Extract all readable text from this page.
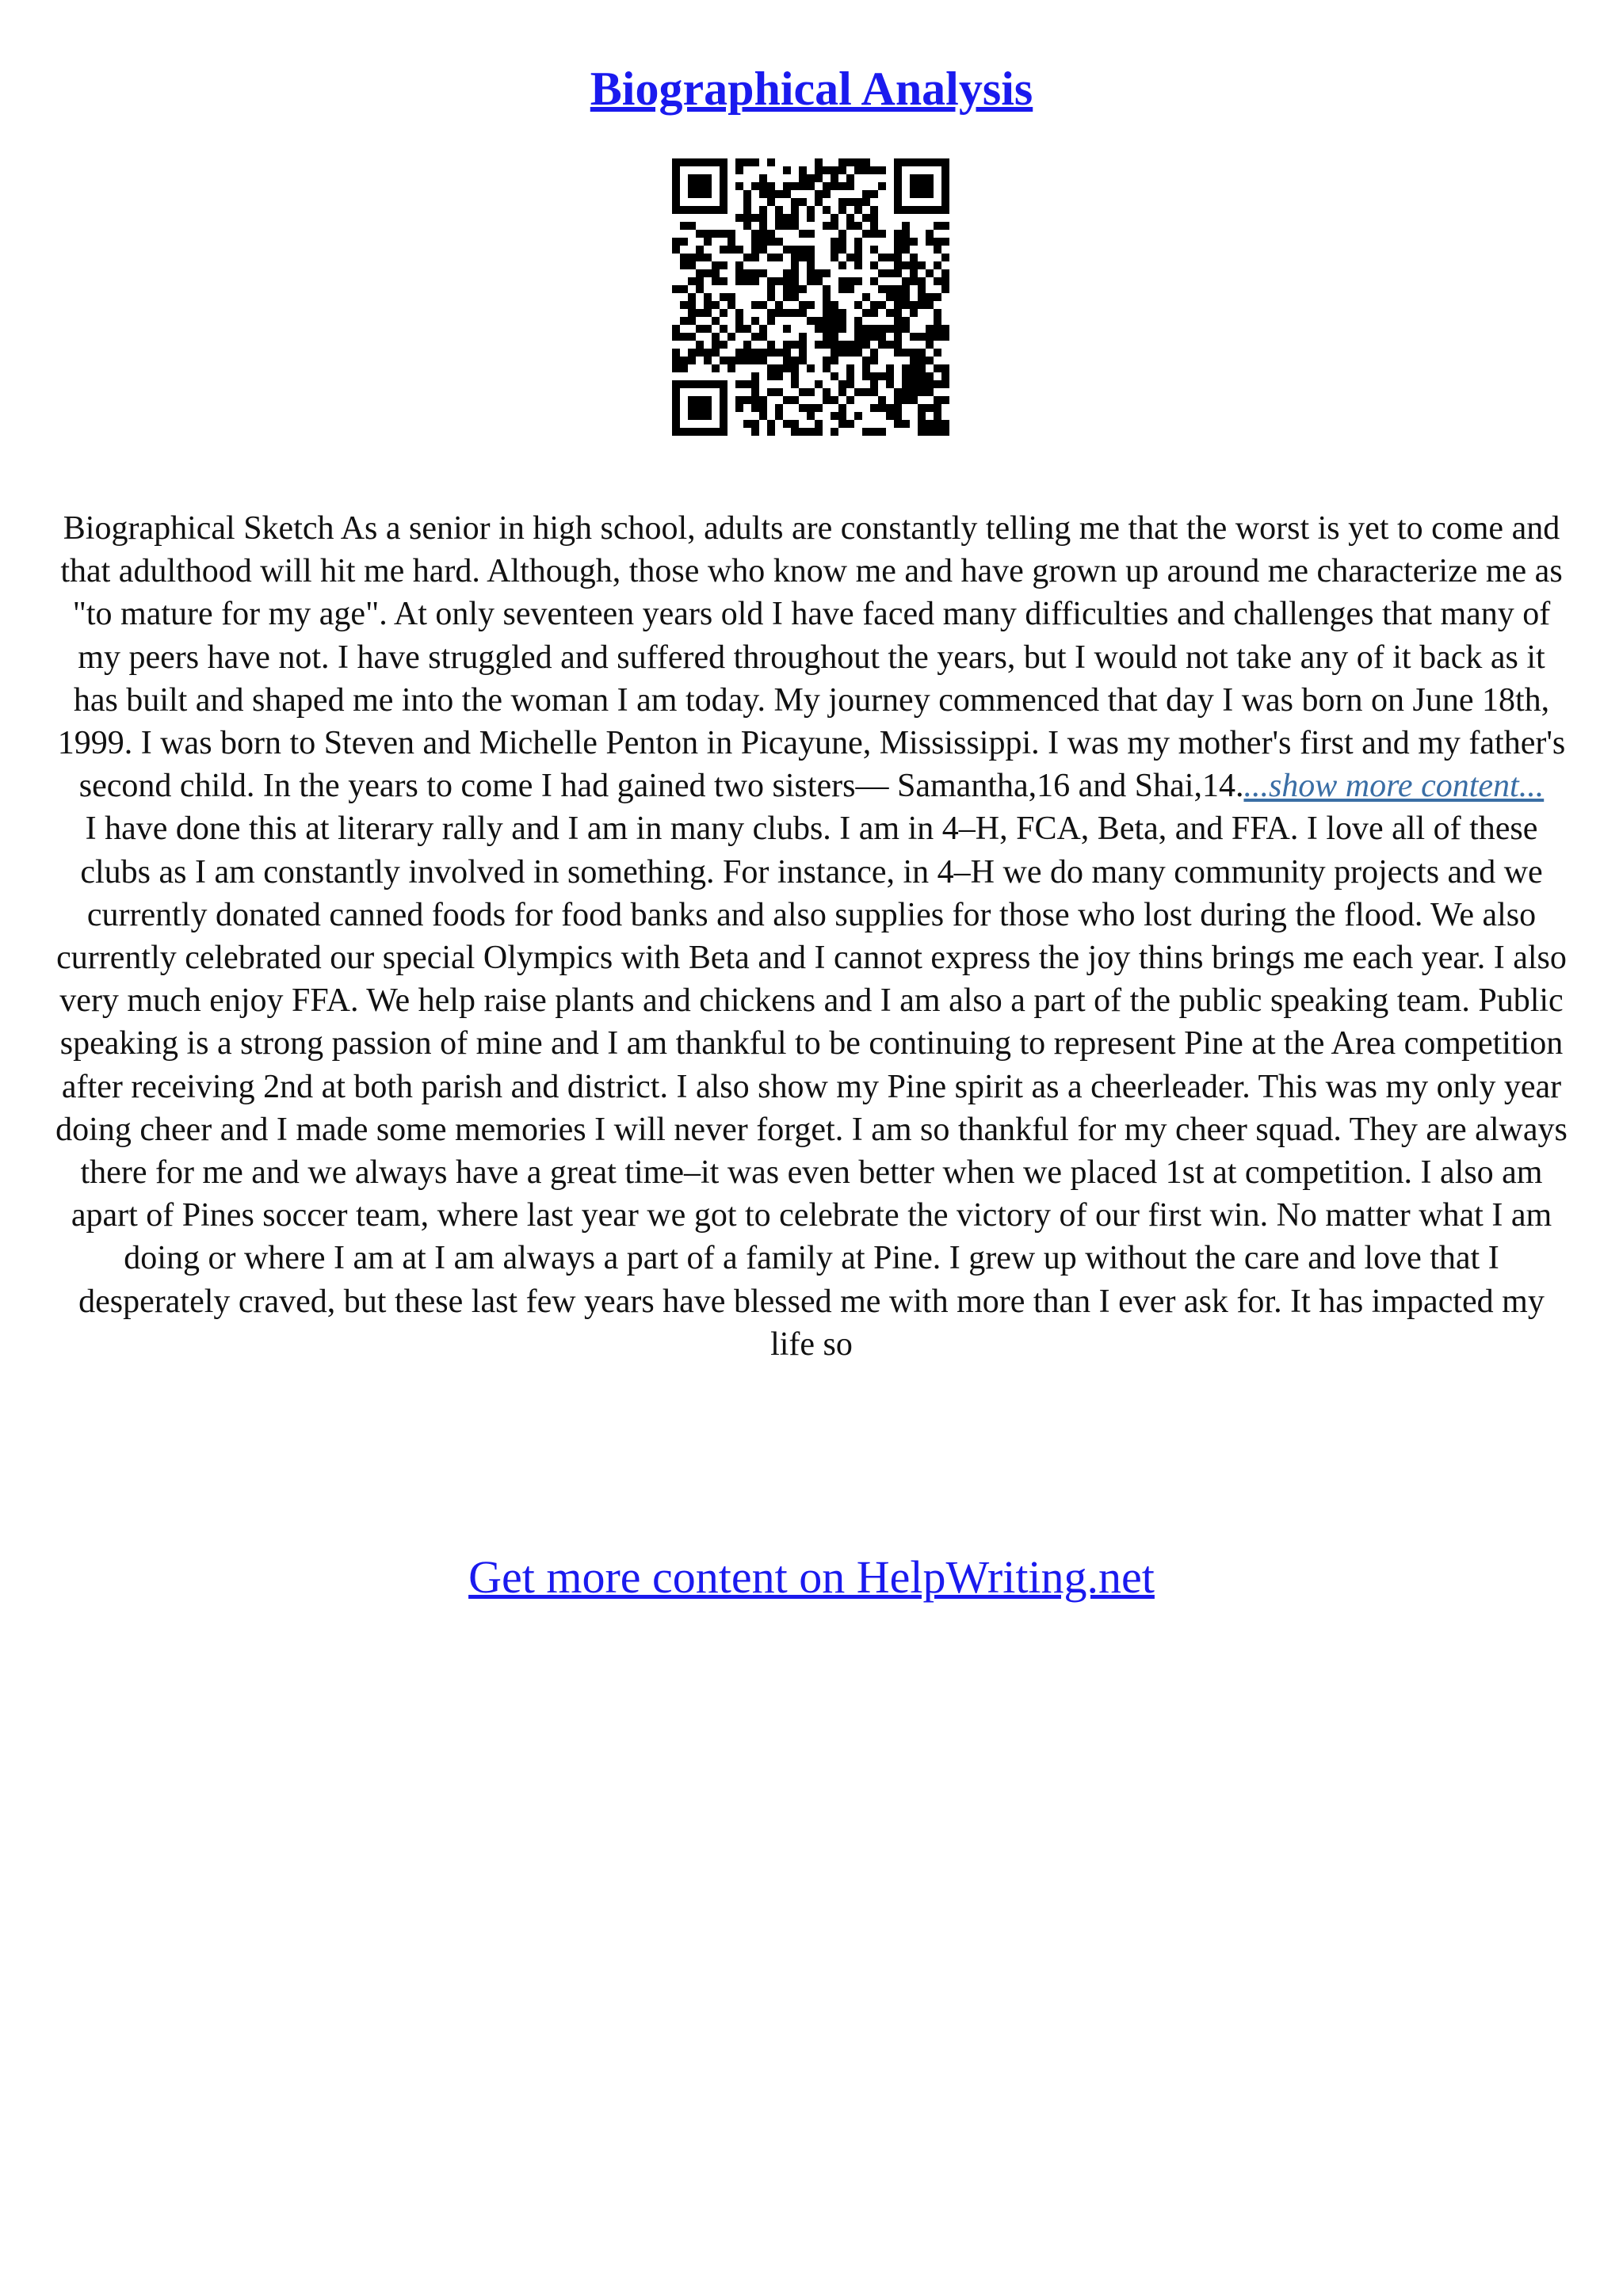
Biographical Analysis

Biographical Sketch As a senior in high school, adults are constantly telling me that the worst is yet to come and that adulthood will hit me hard. Although, those who know me and have grown up around me characterize me as "to mature for my age". At only seventeen years old I have faced many difficulties and challenges that many of my peers have not. I have struggled and suffered throughout the years, but I would not take any of it back as it has built and shaped me into the woman I am today. My journey commenced that day I was born on June 18th, 1999. I was born to Steven and Michelle Penton in Picayune, Mississippi. I was my mother's first and my father's second child. In the years to come I had gained two sisters— Samantha,16 and Shai,14....show more content...

I have done this at literary rally and I am in many clubs. I am in 4–H, FCA, Beta, and FFA. I love all of these clubs as I am constantly involved in something. For instance, in 4–H we do many community projects and we currently donated canned foods for food banks and also supplies for those who lost during the flood. We also currently celebrated our special Olympics with Beta and I cannot express the joy thins brings me each year. I also very much enjoy FFA. We help raise plants and chickens and I am also a part of the public speaking team. Public speaking is a strong passion of mine and I am thankful to be continuing to represent Pine at the Area competition after receiving 2nd at both parish and district. I also show my Pine spirit as a cheerleader. This was my only year doing cheer and I made some memories I will never forget. I am so thankful for my cheer squad. They are always there for me and we always have a great time–it was even better when we placed 1st at competition. I also am apart of Pines soccer team, where last year we got to celebrate the victory of our first win. No matter what I am doing or where I am at I am always a part of a family at Pine. I grew up without the care and love that I desperately craved, but these last few years have blessed me with more than I ever ask for. It has impacted my life so

Get more content on HelpWriting.net
